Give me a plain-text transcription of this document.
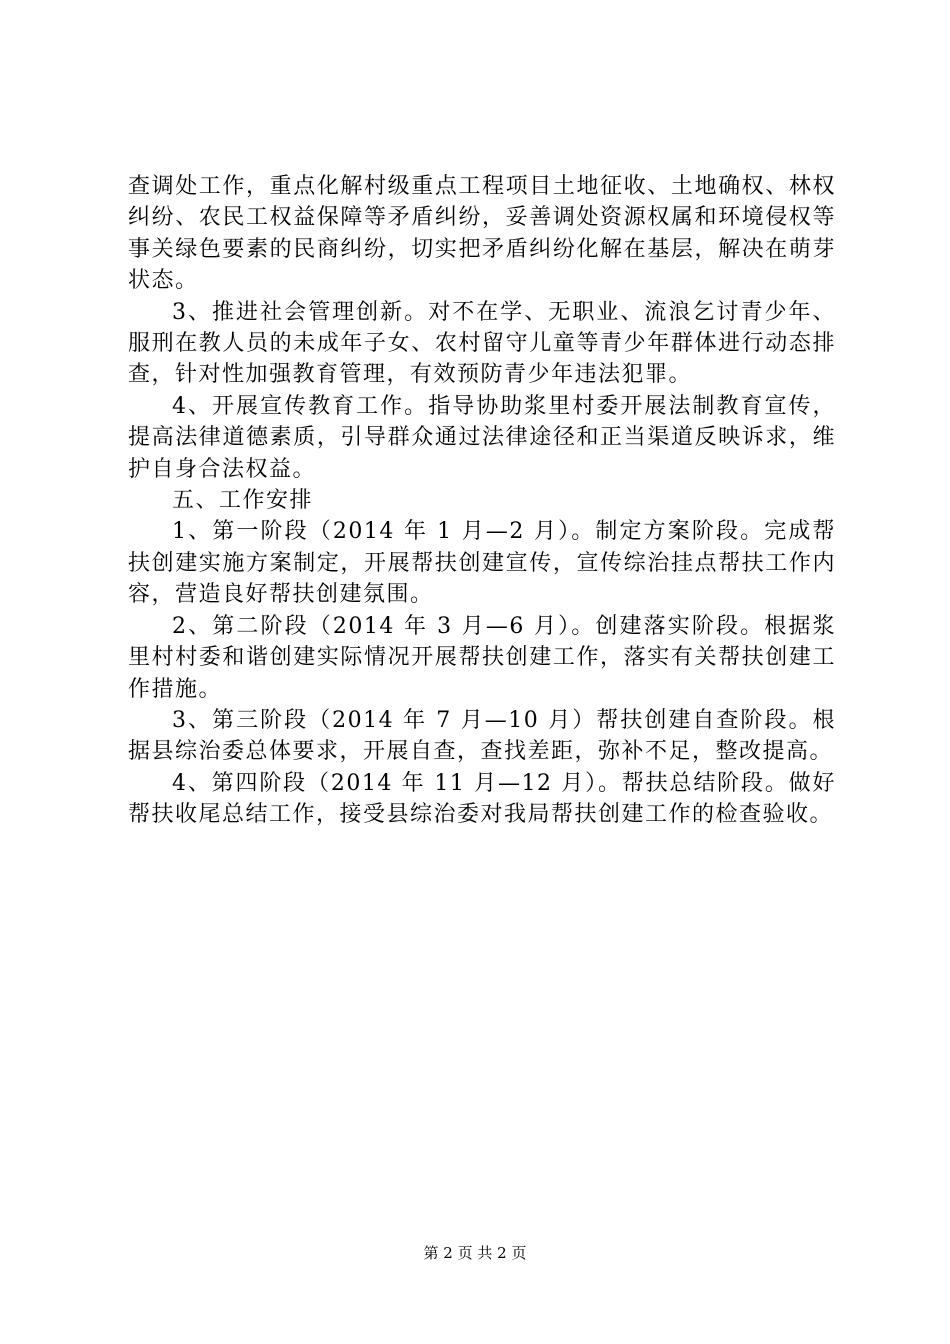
查调处工作，重点化解村级重点工程项目土地征收、土地确权、林权纠纷、农民工权益保障等矛盾纠纷，妥善调处资源权属和环境侵权等事关绿色要素的民商纠纷，切实把矛盾纠纷化解在基层，解决在萌芽状态。

3、推进社会管理创新。对不在学、无职业、流浪乞讨青少年、服刑在教人员的未成年子女、农村留守儿童等青少年群体进行动态排查，针对性加强教育管理，有效预防青少年违法犯罪。

4、开展宣传教育工作。指导协助浆里村委开展法制教育宣传，提高法律道德素质，引导群众通过法律途径和正当渠道反映诉求，维护自身合法权益。

五、工作安排

1、第一阶段（2014 年 1 月—2 月）。制定方案阶段。完成帮扶创建实施方案制定，开展帮扶创建宣传，宣传综治挂点帮扶工作内容，营造良好帮扶创建氛围。

2、第二阶段（2014 年 3 月—6 月）。创建落实阶段。根据浆里村村委和谐创建实际情况开展帮扶创建工作，落实有关帮扶创建工作措施。

3、第三阶段（2014 年 7 月—10 月）帮扶创建自查阶段。根据县综治委总体要求，开展自查，查找差距，弥补不足，整改提高。

4、第四阶段（2014 年 11 月—12 月）。帮扶总结阶段。做好帮扶收尾总结工作，接受县综治委对我局帮扶创建工作的检查验收。

第 2 页 共 2 页
